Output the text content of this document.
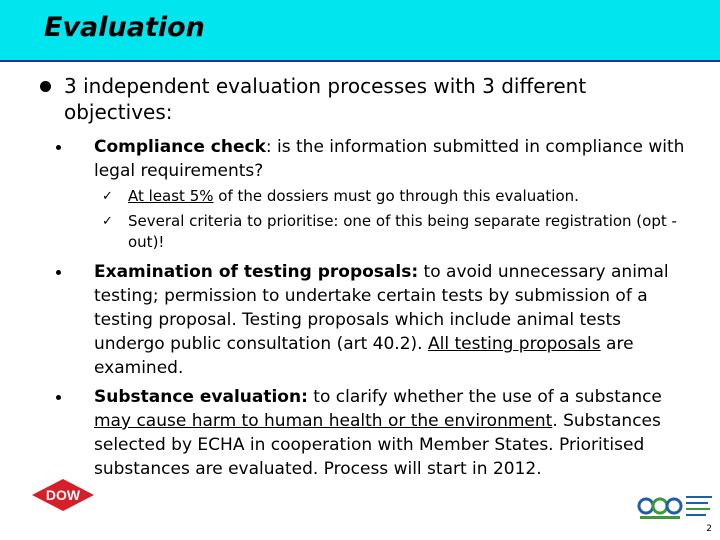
Evaluation
3 independent evaluation processes with 3 different objectives:
Compliance check: is the information submitted in compliance with legal requirements?
✓ At least 5% of the dossiers must go through this evaluation.
✓ Several criteria to prioritise: one of this being separate registration (opt -out)!
Examination of testing proposals: to avoid unnecessary animal testing; permission to undertake certain tests by submission of a testing proposal. Testing proposals which include animal tests undergo public consultation (art 40.2). All testing proposals are examined.
Substance evaluation: to clarify whether the use of a substance may cause harm to human health or the environment. Substances selected by ECHA in cooperation with Member States. Prioritised substances are evaluated. Process will start in 2012.
DOW
2
